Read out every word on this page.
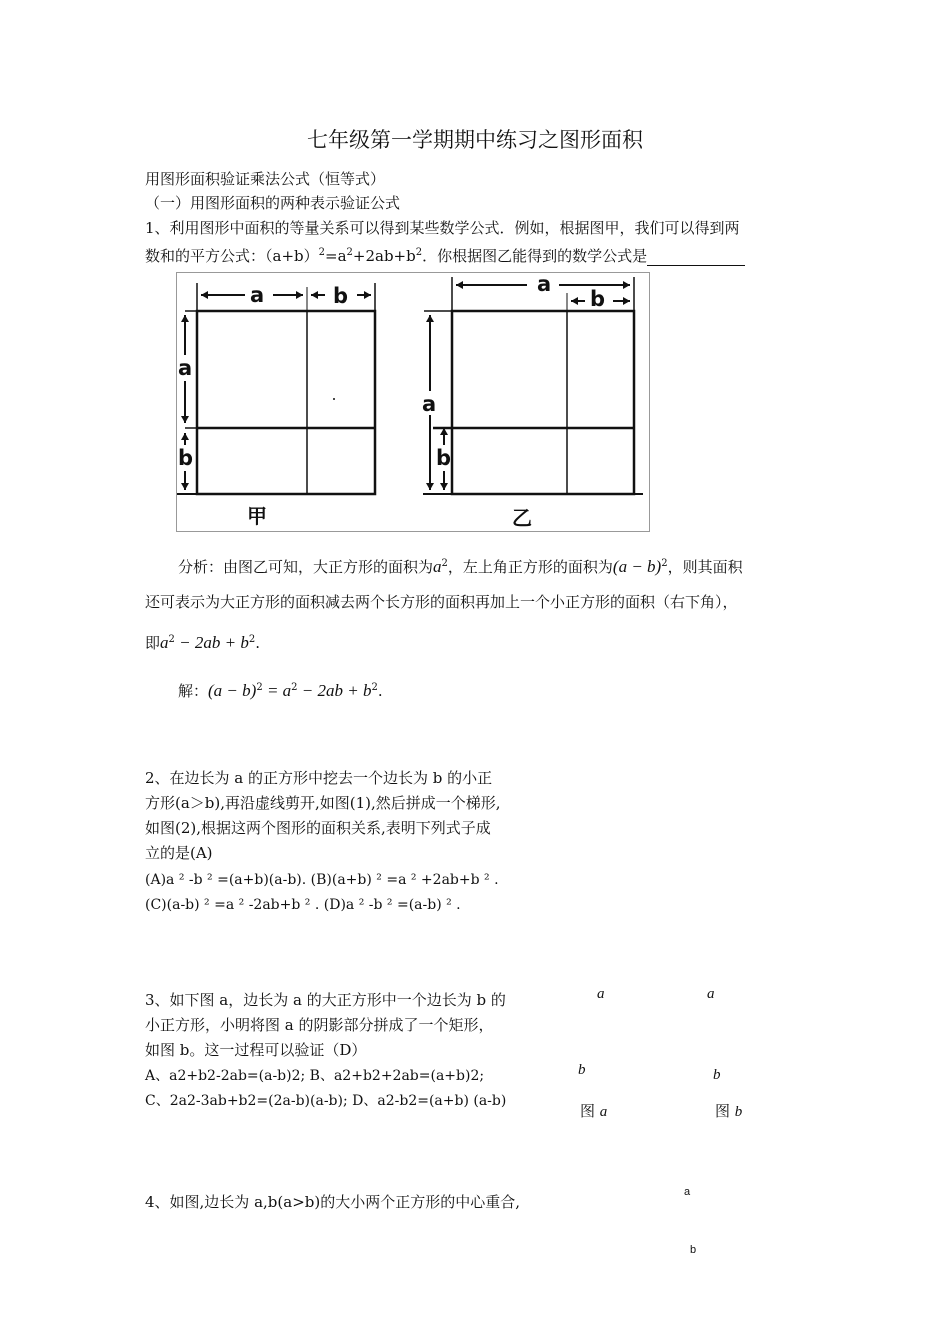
七年级第一学期期中练习之图形面积
用图形面积验证乘法公式（恒等式）
（一）用图形面积的两种表示验证公式
1、利用图形中面积的等量关系可以得到某些数学公式．例如，根据图甲，我们可以得到两
数和的平方公式：$(a+b)^2=a^2+2ab+b^2$．你根据图乙能得到的数学公式是
a	b
a
b
甲
a
b
a
b
乙
分析：由图乙可知，大正方形的面积为$a^2$，左上角正方形的面积为$(a - b)^2$，则其面积
还可表示为大正方形的面积减去两个长方形的面积再加上一个小正方形的面积（右下角），
即$a^2 - 2ab + b^2$.
解：$(a - b)^2 = a^2 - 2ab + b^2$.
2、在边长为 a 的正方形中挖去一个边长为 b 的小正
方形(a＞b),再沿虚线剪开,如图(1),然后拼成一个梯形,
如图(2),根据这两个图形的面积关系,表明下列式子成
立的是(A)
(A)a ² -b ² =(a+b)(a-b). (B)(a+b) ² =a ² +2ab+b ² .
(C)(a-b) ² =a ² -2ab+b ² . (D)a ² -b ² =(a-b) ² .
3、如下图 a，边长为 a 的大正方形中一个边长为 b 的
小正方形，小明将图 a 的阴影部分拼成了一个矩形，
如图 b。这一过程可以验证（D）
A、a2+b2-2ab=(a-b)2; B、a2+b2+2ab=(a+b)2;
C、2a2-3ab+b2=(2a-b)(a-b); D、a2-b2=(a+b) (a-b)
a	a
b	b
图 a	图 b
4、如图,边长为 a,b(a>b)的大小两个正方形的中心重合,
a
b
